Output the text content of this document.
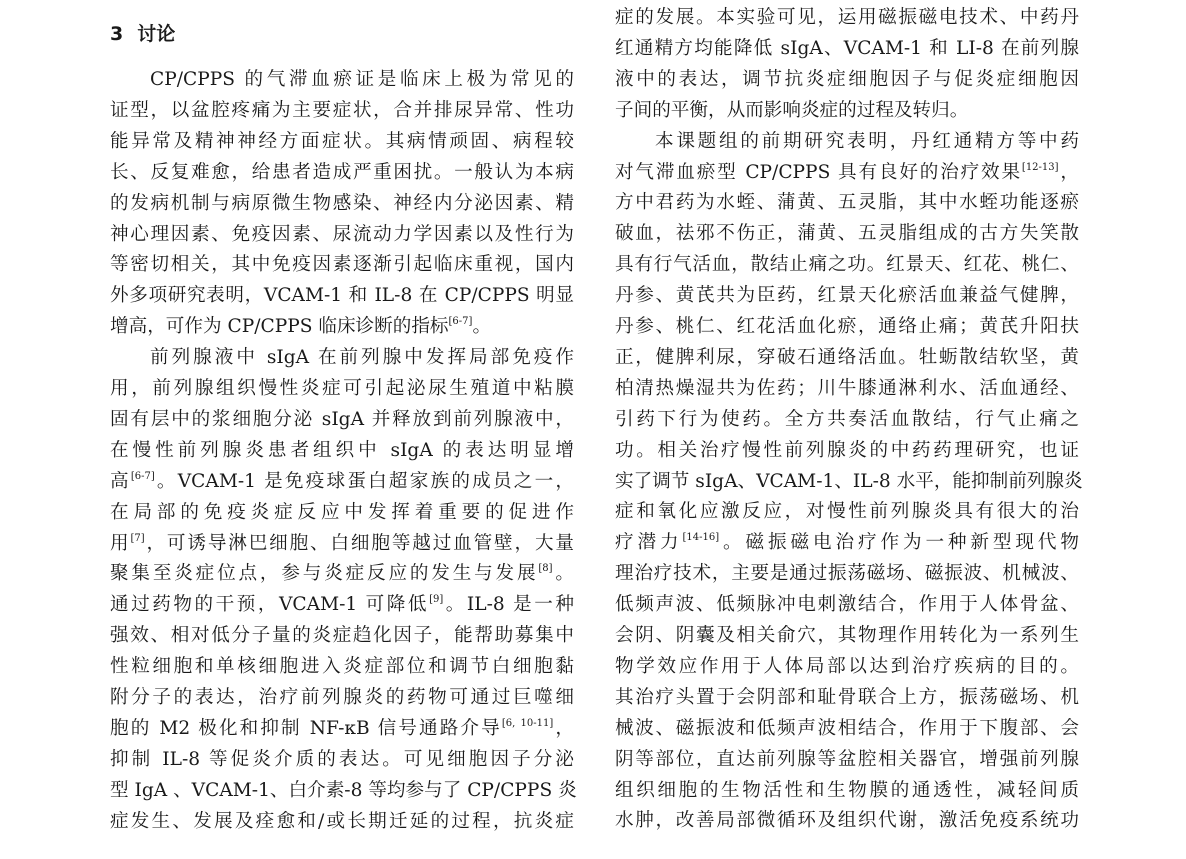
3 讨论
CP/CPPS 的气滞血瘀证是临床上极为常见的
证型，以盆腔疼痛为主要症状，合并排尿异常、性功
能异常及精神神经方面症状。其病情顽固、病程较
长、反复难愈，给患者造成严重困扰。一般认为本病
的发病机制与病原微生物感染、神经内分泌因素、精
神心理因素、免疫因素、尿流动力学因素以及性行为
等密切相关，其中免疫因素逐渐引起临床重视，国内
外多项研究表明，VCAM-1 和 IL-8 在 CP/CPPS 明显
增高，可作为 CP/CPPS 临床诊断的指标[6-7]。
前列腺液中 sIgA 在前列腺中发挥局部免疫作
用，前列腺组织慢性炎症可引起泌尿生殖道中粘膜
固有层中的浆细胞分泌 sIgA 并释放到前列腺液中，
在慢性前列腺炎患者组织中 sIgA 的表达明显增
高[6-7]。VCAM-1 是免疫球蛋白超家族的成员之一，
在局部的免疫炎症反应中发挥着重要的促进作
用[7]，可诱导淋巴细胞、白细胞等越过血管壁，大量
聚集至炎症位点，参与炎症反应的发生与发展[8]。
通过药物的干预，VCAM-1 可降低[9]。IL-8 是一种
强效、相对低分子量的炎症趋化因子，能帮助募集中
性粒细胞和单核细胞进入炎症部位和调节白细胞黏
附分子的表达，治疗前列腺炎的药物可通过巨噬细
胞的 M2 极化和抑制 NF-κB 信号通路介导[6, 10-11]，
抑制 IL-8 等促炎介质的表达。可见细胞因子分泌
型 IgA 、VCAM-1、白介素-8 等均参与了 CP/CPPS 炎
症发生、发展及痊愈和/或长期迁延的过程，抗炎症
症的发展。本实验可见，运用磁振磁电技术、中药丹
红通精方均能降低 sIgA、VCAM-1 和 LI-8 在前列腺
液中的表达，调节抗炎症细胞因子与促炎症细胞因
子间的平衡，从而影响炎症的过程及转归。
本课题组的前期研究表明，丹红通精方等中药
对气滞血瘀型 CP/CPPS 具有良好的治疗效果[12-13]，
方中君药为水蛭、蒲黄、五灵脂，其中水蛭功能逐瘀
破血，祛邪不伤正，蒲黄、五灵脂组成的古方失笑散
具有行气活血，散结止痛之功。红景天、红花、桃仁、
丹参、黄芪共为臣药，红景天化瘀活血兼益气健脾，
丹参、桃仁、红花活血化瘀，通络止痛；黄芪升阳扶
正，健脾利尿，穿破石通络活血。牡蛎散结软坚，黄
柏清热燥湿共为佐药；川牛膝通淋利水、活血通经、
引药下行为使药。全方共奏活血散结，行气止痛之
功。相关治疗慢性前列腺炎的中药药理研究，也证
实了调节 sIgA、VCAM-1、IL-8 水平，能抑制前列腺炎
症和氧化应激反应，对慢性前列腺炎具有很大的治
疗潜力[14-16]。磁振磁电治疗作为一种新型现代物
理治疗技术，主要是通过振荡磁场、磁振波、机械波、
低频声波、低频脉冲电刺激结合，作用于人体骨盆、
会阴、阴囊及相关俞穴，其物理作用转化为一系列生
物学效应作用于人体局部以达到治疗疾病的目的。
其治疗头置于会阴部和耻骨联合上方，振荡磁场、机
械波、磁振波和低频声波相结合，作用于下腹部、会
阴等部位，直达前列腺等盆腔相关器官，增强前列腺
组织细胞的生物活性和生物膜的通透性，减轻间质
水肿，改善局部微循环及组织代谢，激活免疫系统功
